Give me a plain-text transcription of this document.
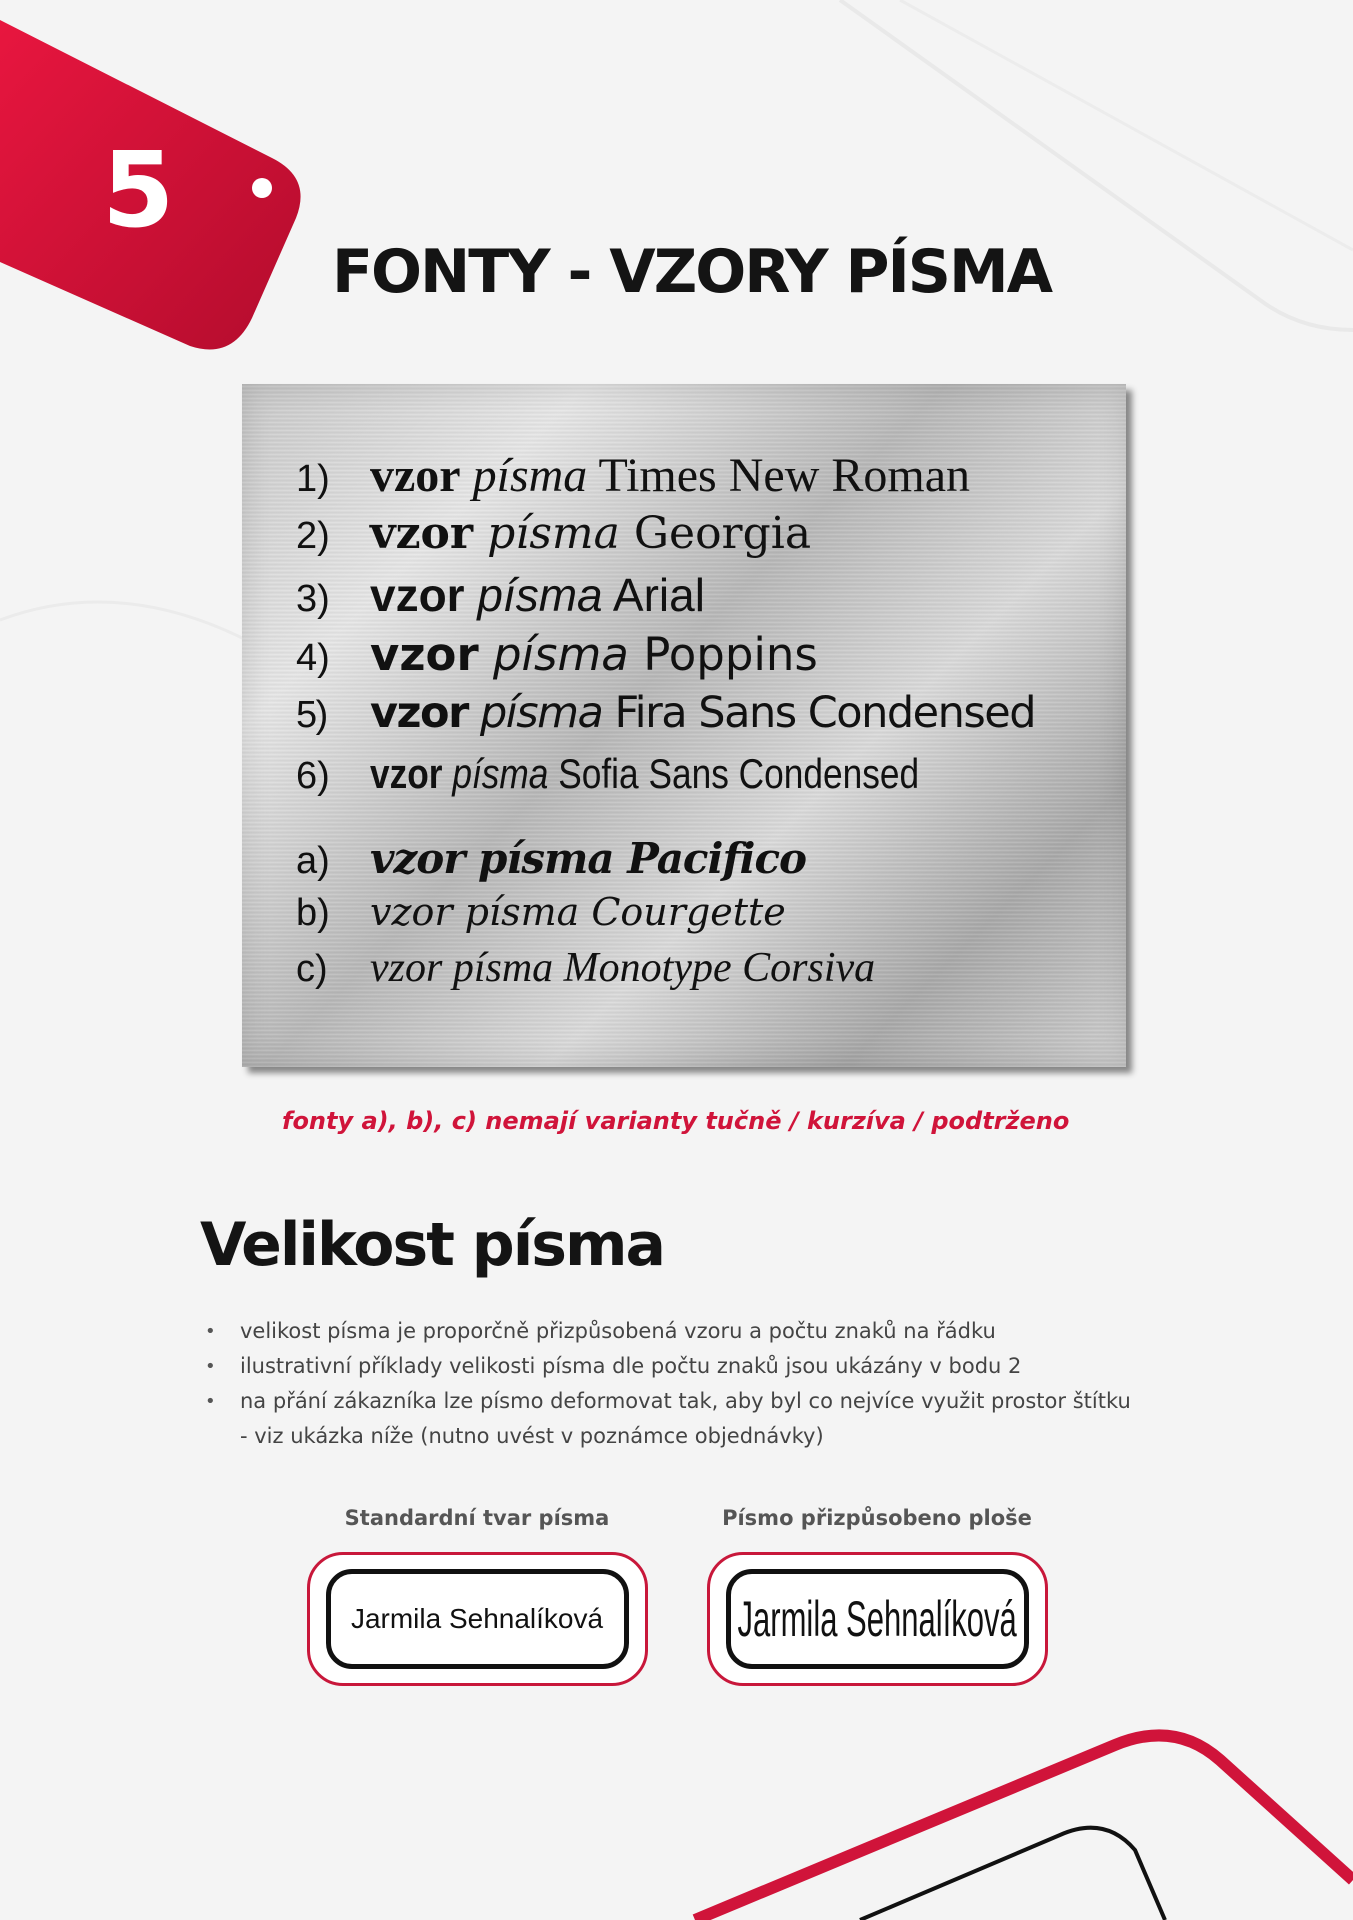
5
FONTY - VZORY PÍSMA
1) vzor písma Times New Roman
2) vzor písma Georgia
3) vzor písma Arial
4) vzor písma Poppins
5)	vzor písma Fira Sans Condensed
6) vzor písma Sofia Sans Condensed
a) vzor písma Pacifico
b)	vzor písma Courgette
c)	vzor písma Monotype Corsiva
fonty a), b), c) nemají varianty tučně / kurzíva / podtrženo
Velikost písma
• velikost písma je proporčně přizpůsobená vzoru a počtu znaků na řádku
• ilustrativní příklady velikosti písma dle počtu znaků jsou ukázány v bodu 2
• na přání zákazníka lze písmo deformovat tak, aby byl co nejvíce využit prostor štítku
- viz ukázka níže (nutno uvést v poznámce objednávky)
Standardní tvar písma
Jarmila Sehnalíková
Písmo přizpůsobeno ploše
Jarmila Sehnalíková
